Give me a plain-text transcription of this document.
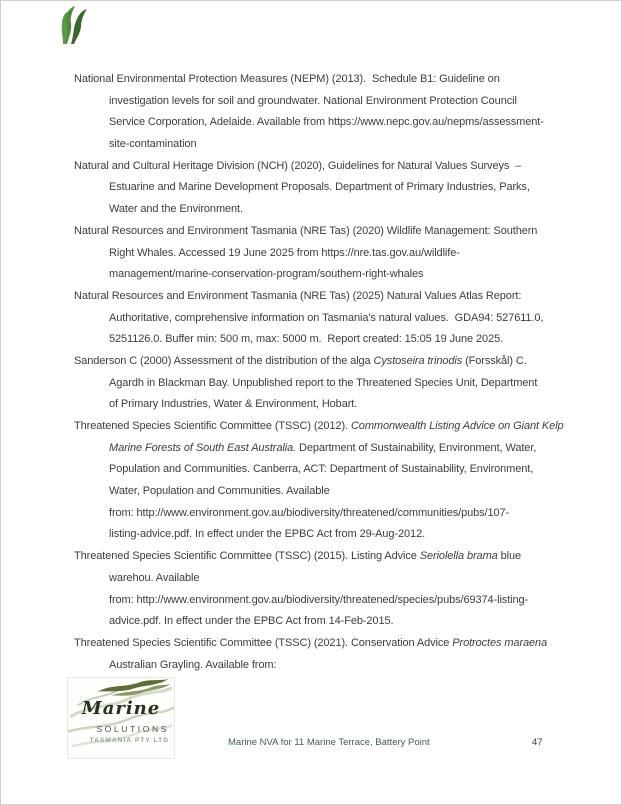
National Environmental Protection Measures (NEPM) (2013).  Schedule B1: Guideline on
investigation levels for soil and groundwater. National Environment Protection Council
Service Corporation, Adelaide. Available from https://www.nepc.gov.au/nepms/assessment-
site-contamination
Natural and Cultural Heritage Division (NCH) (2020), Guidelines for Natural Values Surveys  –
Estuarine and Marine Development Proposals. Department of Primary Industries, Parks,
Water and the Environment.
Natural Resources and Environment Tasmania (NRE Tas) (2020) Wildlife Management: Southern
Right Whales. Accessed 19 June 2025 from https://nre.tas.gov.au/wildlife-
management/marine-conservation-program/southern-right-whales
Natural Resources and Environment Tasmania (NRE Tas) (2025) Natural Values Atlas Report:
Authoritative, comprehensive information on Tasmania's natural values.  GDA94: 527611.0,
5251126.0. Buffer min: 500 m, max: 5000 m.  Report created: 15:05 19 June 2025.
Sanderson C (2000) Assessment of the distribution of the alga Cystoseira trinodis (Forsskål) C.
Agardh in Blackman Bay. Unpublished report to the Threatened Species Unit, Department
of Primary Industries, Water & Environment, Hobart.
Threatened Species Scientific Committee (TSSC) (2012). Commonwealth Listing Advice on Giant Kelp
Marine Forests of South East Australia. Department of Sustainability, Environment, Water,
Population and Communities. Canberra, ACT: Department of Sustainability, Environment,
Water, Population and Communities. Available
from: http://www.environment.gov.au/biodiversity/threatened/communities/pubs/107-
listing-advice.pdf. In effect under the EPBC Act from 29-Aug-2012.
Threatened Species Scientific Committee (TSSC) (2015). Listing Advice Seriolella brama blue
warehou. Available
from: http://www.environment.gov.au/biodiversity/threatened/species/pubs/69374-listing-
advice.pdf. In effect under the EPBC Act from 14-Feb-2015.
Threatened Species Scientific Committee (TSSC) (2021). Conservation Advice Protroctes maraena
Australian Grayling. Available from:
Marine
SOLUTIONS
TASMANIA PTY LTD	Marine NVA for 11 Marine Terrace, Battery Point	47
